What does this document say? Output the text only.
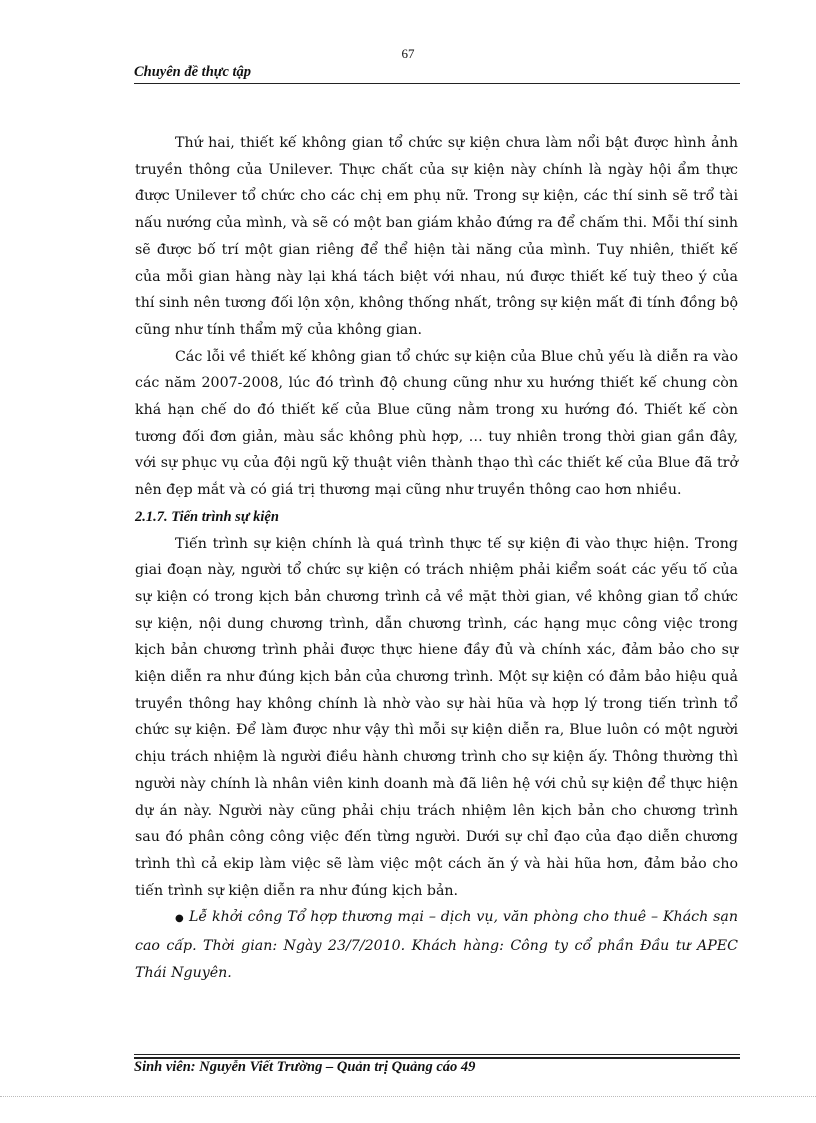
67
Chuyên đề thực tập

Thứ hai, thiết kế không gian tổ chức sự kiện chưa làm nổi bật được hình ảnh truyền thông của Unilever. Thực chất của sự kiện này chính là ngày hội ẩm thực được Unilever tổ chức cho các chị em phụ nữ. Trong sự kiện, các thí sinh sẽ trổ tài nấu nướng của mình, và sẽ có một ban giám khảo đứng ra để chấm thi. Mỗi thí sinh sẽ được bố trí một gian riêng để thể hiện tài năng của mình. Tuy nhiên, thiết kế của mỗi gian hàng này lại khá tách biệt với nhau, nú được thiết kế tuỳ theo ý của thí sinh nên tương đối lộn xộn, không thống nhất, trông sự kiện mất đi tính đồng bộ cũng như tính thẩm mỹ của không gian.

Các lỗi về thiết kế không gian tổ chức sự kiện của Blue chủ yếu là diễn ra vào các năm 2007-2008, lúc đó trình độ chung cũng như xu hướng thiết kế chung còn khá hạn chế do đó thiết kế của Blue cũng nằm trong xu hướng đó. Thiết kế còn tương đối đơn giản, màu sắc không phù hợp, … tuy nhiên trong thời gian gần đây, với sự phục vụ của đội ngũ kỹ thuật viên thành thạo thì các thiết kế của Blue đã trở nên đẹp mắt và có giá trị thương mại cũng như truyền thông cao hơn nhiều.

2.1.7. Tiến trình sự kiện

Tiến trình sự kiện chính là quá trình thực tế sự kiện đi vào thực hiện. Trong giai đoạn này, người tổ chức sự kiện có trách nhiệm phải kiểm soát các yếu tố của sự kiện có trong kịch bản chương trình cả về mặt thời gian, về không gian tổ chức sự kiện, nội dung chương trình, dẫn chương trình, các hạng mục công việc trong kịch bản chương trình phải được thực hiene đầy đủ và chính xác, đảm bảo cho sự kiện diễn ra như đúng kịch bản của chương trình. Một sự kiện có đảm bảo hiệu quả truyền thông hay không chính là nhờ vào sự hài hũa và hợp lý trong tiến trình tổ chức sự kiện. Để làm được như vậy thì mỗi sự kiện diễn ra, Blue luôn có một người chịu trách nhiệm là người điều hành chương trình cho sự kiện ấy. Thông thường thì người này chính là nhân viên kinh doanh mà đã liên hệ với chủ sự kiện để thực hiện dự án này. Người này cũng phải chịu trách nhiệm lên kịch bản cho chương trình sau đó phân công công việc đến từng người. Dưới sự chỉ đạo của đạo diễn chương trình thì cả ekip làm việc sẽ làm việc một cách ăn ý và hài hũa hơn, đảm bảo cho tiến trình sự kiện diễn ra như đúng kịch bản.

● Lễ khởi công Tổ hợp thương mại – dịch vụ, văn phòng cho thuê – Khách sạn cao cấp. Thời gian: Ngày 23/7/2010. Khách hàng: Công ty cổ phần Đầu tư APEC Thái Nguyên.

Sinh viên: Nguyễn Viết Trường – Quản trị Quảng cáo 49
